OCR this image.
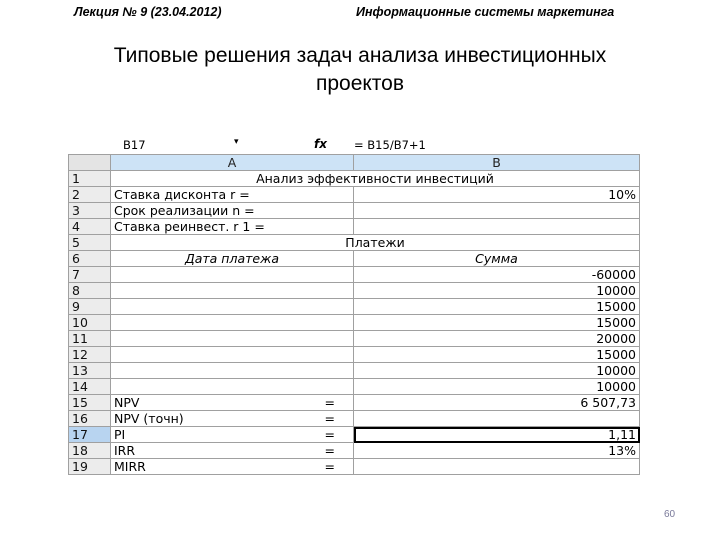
Лекция № 9 (23.04.2012)	Информационные системы маркетинга
Типовые решения задач анализа инвестиционных
проектов
B17	▾	fx = B15/B7+1
	A	B
1	Анализ эффективности инвестиций	
2	Ставка дисконта r =	10%
3	Срок реализации n =	
4	Ставка реинвест. r 1 =	
5	Платежи	
6	Дата платежа	Сумма
7		-60000
8		10000
9		15000
10		15000
11		20000
12		15000
13		10000
14		10000
15	NPV =	6 507,73
16	NPV (точн) =	

17	PI =	1,11
18	IRR =	13%
19	MIRR =	

60
